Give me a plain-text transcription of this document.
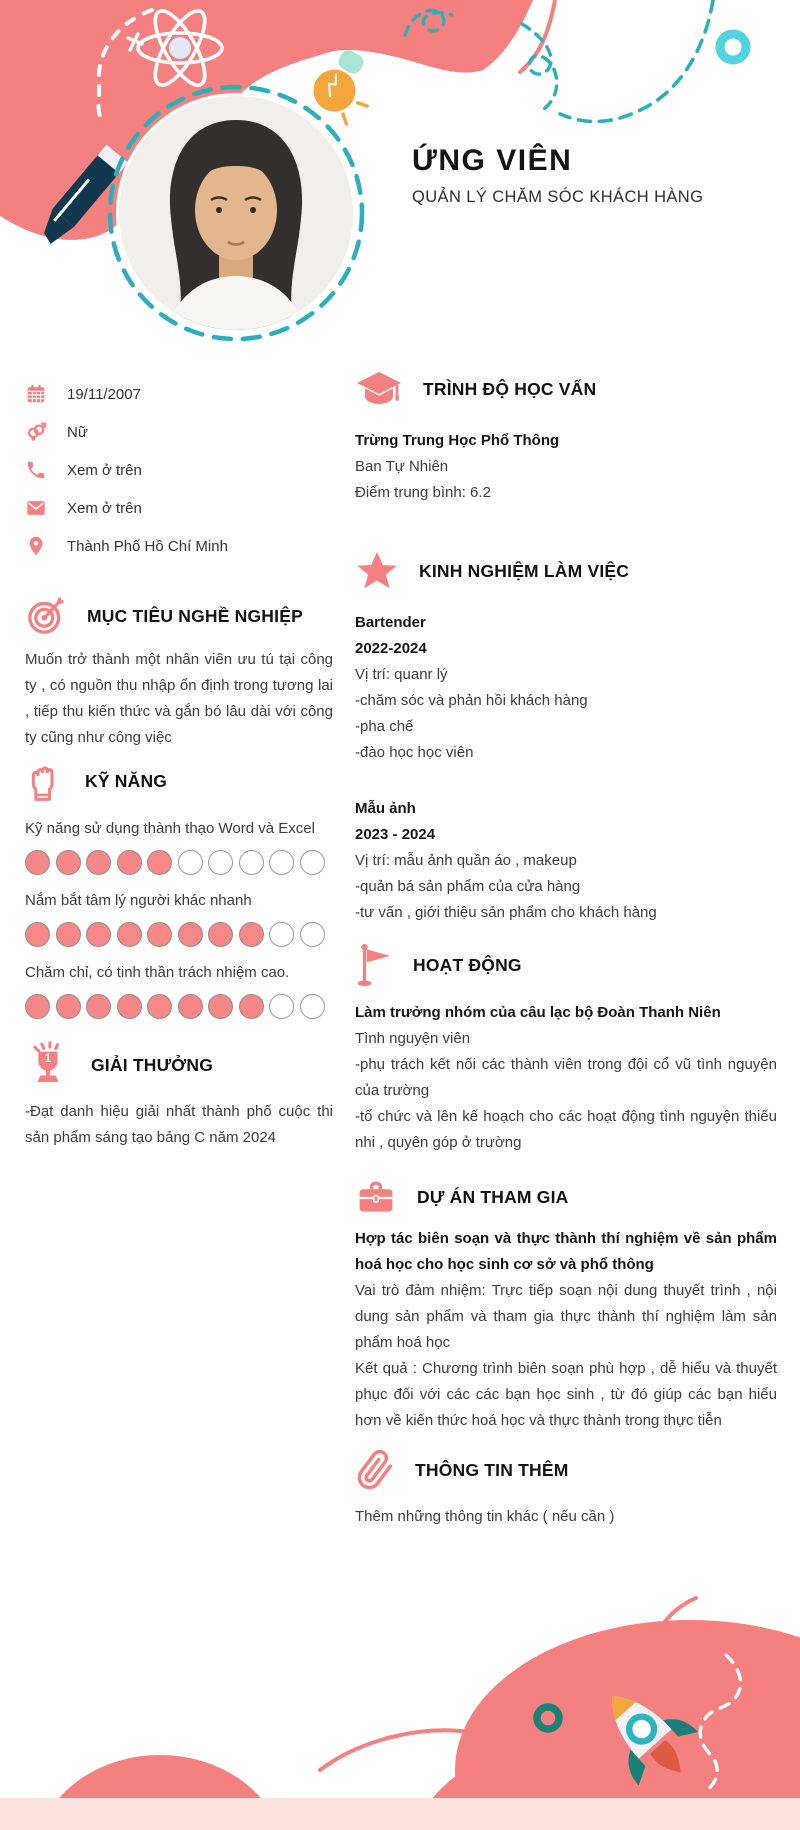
ỨNG VIÊN
QUẢN LÝ CHĂM SÓC KHÁCH HÀNG
19/11/2007
Nữ
Xem ở trên
Xem ở trên
Thành Phố Hồ Chí Minh
MỤC TIÊU NGHỀ NGHIỆP

Muốn trở thành một nhân viên ưu tú tại công ty , có nguồn thu nhập ổn định trong tương lai , tiếp thu kiến thức và gắn bó lâu dài với công ty cũng như công việc

KỸ NĂNG
Kỹ năng sử dụng thành thạo Word và Excel
Nắm bắt tâm lý người khác nhanh
Chăm chỉ, có tinh thần trách nhiệm cao.
1 GIẢI THƯỞNG

-Đạt danh hiệu giải nhất thành phố cuộc thi sản phẩm sáng tạo bảng C năm 2024

TRÌNH ĐỘ HỌC VẤN
Trừng Trung Học Phổ Thông
Ban Tự Nhiên
Điểm trung bình: 6.2
KINH NGHIỆM LÀM VIỆC
Bartender
2022-2024
Vị trí: quanr lý
-chăm sóc và phản hồi khách hàng
-pha chế
-đào học học viên
Mẫu ảnh
2023 - 2024
Vị trí: mẫu ảnh quần áo , makeup
-quản bá sản phẩm của cửa hàng
-tư vấn , giới thiệu sản phẩm cho khách hàng
HOẠT ĐỘNG

Làm trưởng nhóm của câu lạc bộ Đoàn Thanh Niên

Tình nguyện viên

-phụ trách kết nối các thành viên trong đội cổ vũ tình nguyện của trường

-tổ chức và lên kế hoạch cho các hoạt động tình nguyện thiếu nhi , quyên góp ở trường

DỰ ÁN THAM GIA

Hợp tác biên soạn và thực thành thí nghiệm về sản phẩm hoá học cho học sinh cơ sở và phổ thông

Vai trò đảm nhiệm: Trực tiếp soạn nội dung thuyết trình , nội dung sản phẩm và tham gia thực thành thí nghiệm làm sản phẩm hoá học

Kết quả : Chương trình biên soạn phù hợp , dễ hiểu và thuyết phục đối với các các bạn học sinh , từ đó giúp các bạn hiểu hơn về kiến thức hoá học và thực thành trong thực tiễn

THÔNG TIN THÊM

Thêm những thông tin khác ( nếu cần )
